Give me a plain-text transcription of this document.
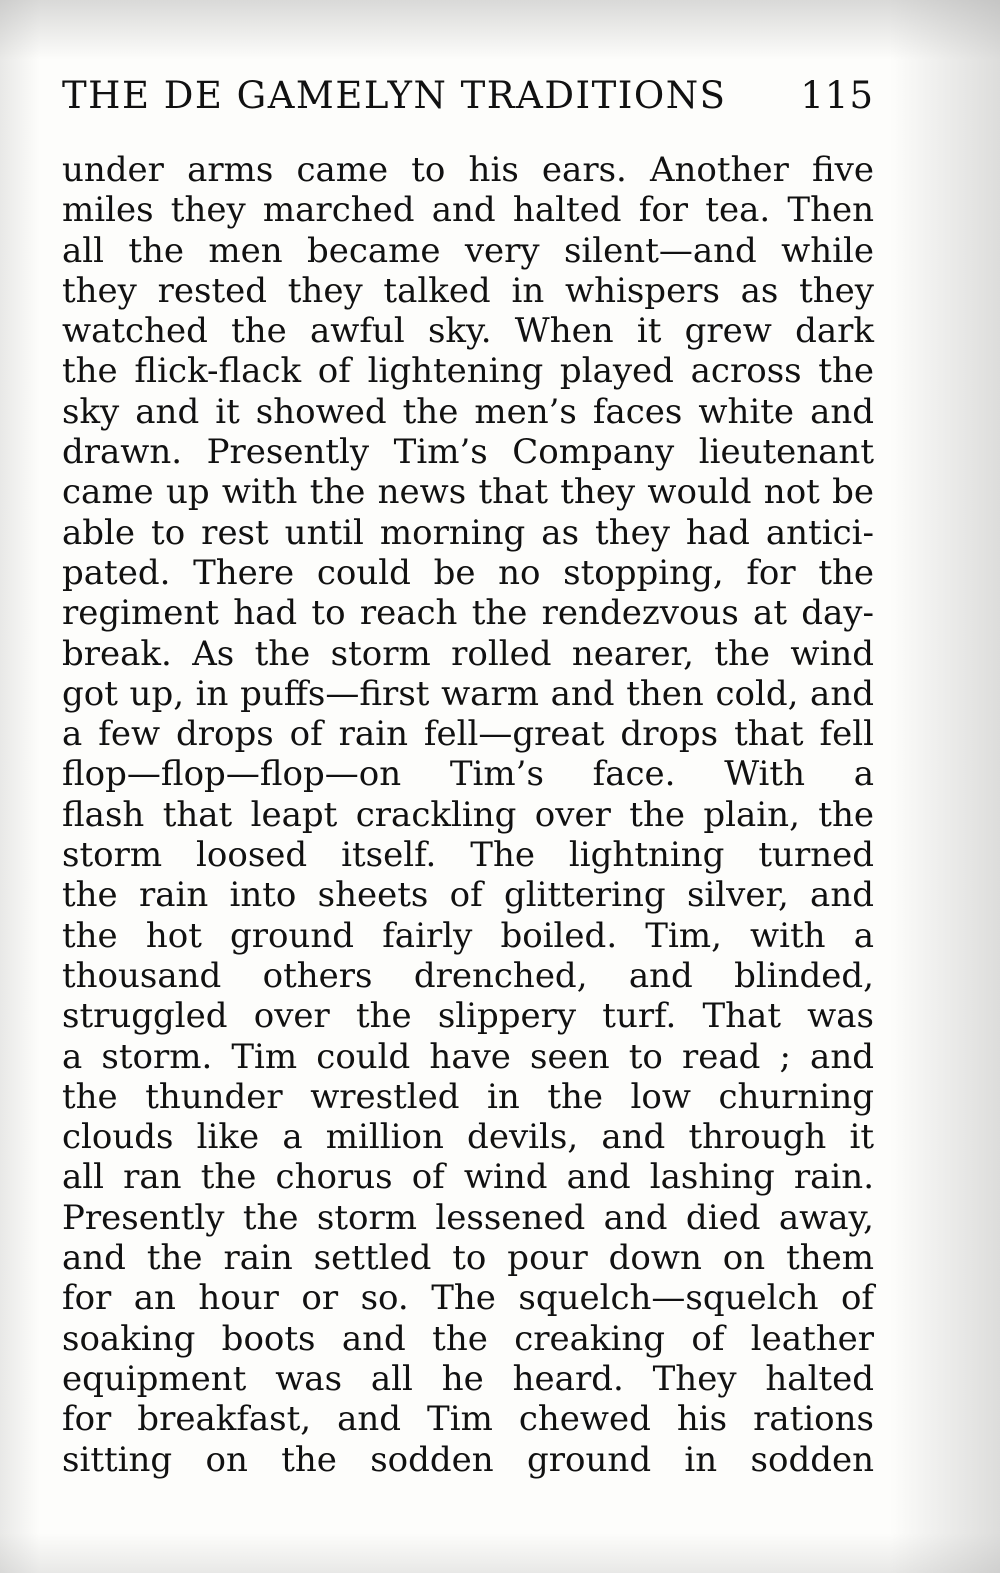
THE DE GAMELYN TRADITIONS 115
under arms came to his ears. Another five
miles they marched and halted for tea. Then
all the men became very silent—and while
they rested they talked in whispers as they
watched the awful sky. When it grew dark
the flick-flack of lightening played across the
sky and it showed the men’s faces white and
drawn. Presently Tim’s Company lieutenant
came up with the news that they would not be
able to rest until morning as they had antici-
pated. There could be no stopping, for the
regiment had to reach the rendezvous at day-
break. As the storm rolled nearer, the wind
got up, in puffs—first warm and then cold, and
a few drops of rain fell—great drops that fell
flop—flop—flop—on Tim’s face. With a
flash that leapt crackling over the plain, the
storm loosed itself. The lightning turned
the rain into sheets of glittering silver, and
the hot ground fairly boiled. Tim, with a
thousand others drenched, and blinded,
struggled over the slippery turf. That was
a storm. Tim could have seen to read ; and
the thunder wrestled in the low churning
clouds like a million devils, and through it
all ran the chorus of wind and lashing rain.
Presently the storm lessened and died away,
and the rain settled to pour down on them
for an hour or so. The squelch—squelch of
soaking boots and the creaking of leather
equipment was all he heard. They halted
for breakfast, and Tim chewed his rations
sitting on the sodden ground in sodden
